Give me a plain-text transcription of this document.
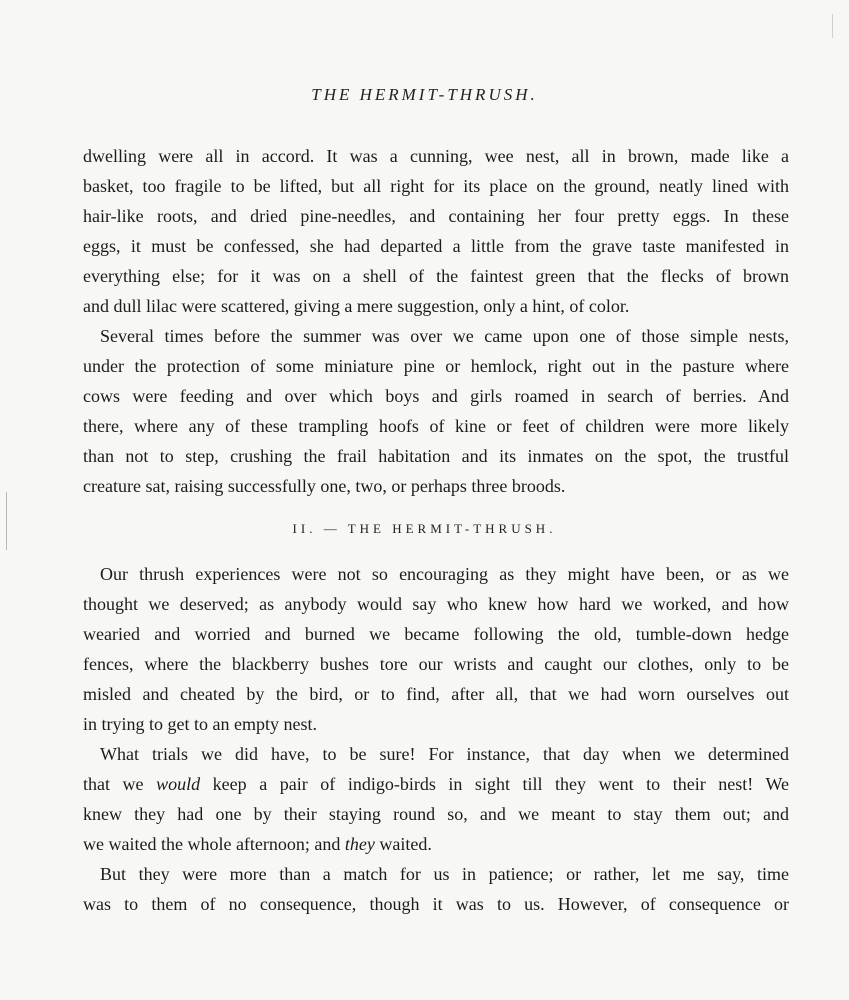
THE HERMIT-THRUSH.
dwelling were all in accord. It was a cunning, wee nest, all in brown, made like a
basket, too fragile to be lifted, but all right for its place on the ground, neatly lined with
hair-like roots, and dried pine-needles, and containing her four pretty eggs. In these
eggs, it must be confessed, she had departed a little from the grave taste manifested in
everything else; for it was on a shell of the faintest green that the flecks of brown
and dull lilac were scattered, giving a mere suggestion, only a hint, of color.
Several times before the summer was over we came upon one of those simple nests,
under the protection of some miniature pine or hemlock, right out in the pasture where
cows were feeding and over which boys and girls roamed in search of berries. And
there, where any of these trampling hoofs of kine or feet of children were more likely
than not to step, crushing the frail habitation and its inmates on the spot, the trustful
creature sat, raising successfully one, two, or perhaps three broods.
II. — THE HERMIT-THRUSH.
Our thrush experiences were not so encouraging as they might have been, or as we
thought we deserved; as anybody would say who knew how hard we worked, and how
wearied and worried and burned we became following the old, tumble-down hedge
fences, where the blackberry bushes tore our wrists and caught our clothes, only to be
misled and cheated by the bird, or to find, after all, that we had worn ourselves out
in trying to get to an empty nest.
What trials we did have, to be sure! For instance, that day when we determined
that we would keep a pair of indigo-birds in sight till they went to their nest! We
knew they had one by their staying round so, and we meant to stay them out; and
we waited the whole afternoon; and they waited.
But they were more than a match for us in patience; or rather, let me say, time
was to them of no consequence, though it was to us. However, of consequence or
